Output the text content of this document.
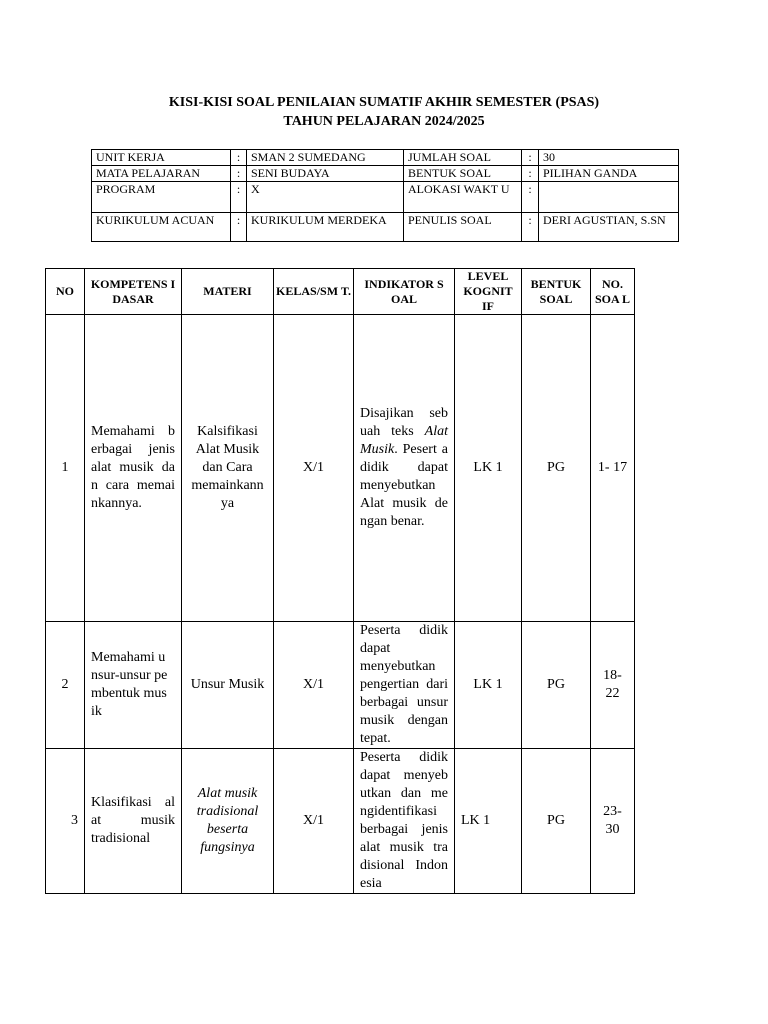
KISI-KISI SOAL PENILAIAN SUMATIF AKHIR SEMESTER (PSAS)
TAHUN PELAJARAN 2024/2025
UNIT KERJA	:	SMAN 2 SUMEDANG	JUMLAH SOAL	:	30
MATA PELAJARAN	:	SENI BUDAYA	BENTUK SOAL	:	PILIHAN GANDA
PROGRAM	:	X	ALOKASI WAKT U	:	
KURIKULUM ACUAN	:	KURIKULUM MERDEKA	PENULIS SOAL	:	DERI AGUSTIAN, S.SN
NO	KOMPETENS I DASAR	MATERI	KELAS/SM T.	INDIKATOR S OAL	LEVEL KOGNIT IF	BENTUK SOAL	NO. SOA L
1	Memahami b erbagai jenis alat musik da n cara memai nkannya.	Kalsifikasi Alat Musik dan Cara memainkann ya	X/1	Disajikan seb uah teks Alat Musik. Pesert a didik dapat menyebutkan Alat musik de ngan benar.	LK 1	PG	1- 17
2	Memahami u nsur-unsur pe mbentuk mus ik	Unsur Musik	X/1	Peserta didik dapat menyebutkan pengertian dari berbagai unsur musik dengan tepat.	LK 1	PG	18- 22
3	Klasifikasi al at musik tradisional	Alat musik tradisional beserta fungsinya	X/1	Peserta didik dapat menyeb utkan dan me ngidentifikasi berbagai jenis alat musik tra disional Indon esia	LK 1	PG	23- 30
